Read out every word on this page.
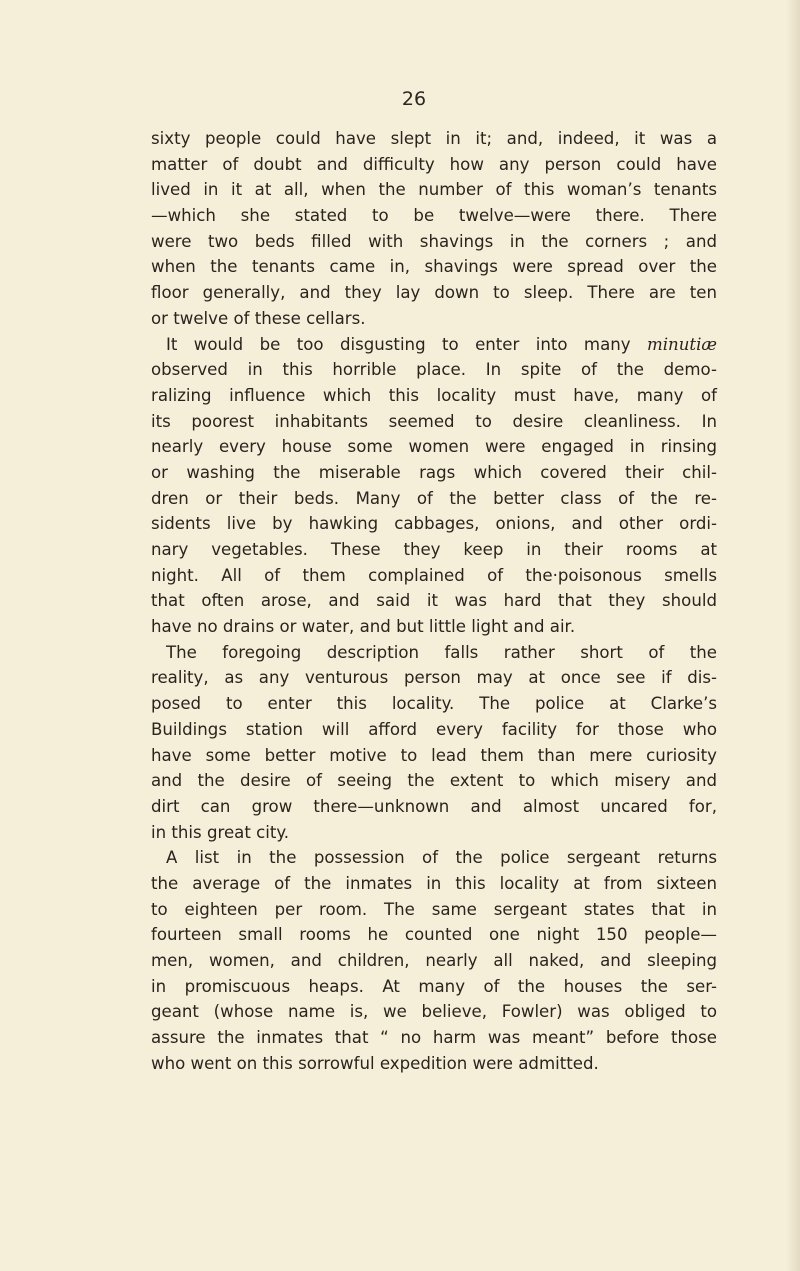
26
sixty people could have slept in it; and, indeed, it was a
matter of doubt and difficulty how any person could have
lived in it at all, when the number of this woman’s tenants
—which she stated to be twelve—were there. There
were two beds filled with shavings in the corners ; and
when the tenants came in, shavings were spread over the
floor generally, and they lay down to sleep. There are ten
or twelve of these cellars.
It would be too disgusting to enter into many minutiæ
observed in this horrible place. In spite of the demo-
ralizing influence which this locality must have, many of
its poorest inhabitants seemed to desire cleanliness. In
nearly every house some women were engaged in rinsing
or washing the miserable rags which covered their chil-
dren or their beds. Many of the better class of the re-
sidents live by hawking cabbages, onions, and other ordi-
nary vegetables. These they keep in their rooms at
night. All of them complained of the·poisonous smells
that often arose, and said it was hard that they should
have no drains or water, and but little light and air.
The foregoing description falls rather short of the
reality, as any venturous person may at once see if dis-
posed to enter this locality. The police at Clarke’s
Buildings station will afford every facility for those who
have some better motive to lead them than mere curiosity
and the desire of seeing the extent to which misery and
dirt can grow there—unknown and almost uncared for,
in this great city.
A list in the possession of the police sergeant returns
the average of the inmates in this locality at from sixteen
to eighteen per room. The same sergeant states that in
fourteen small rooms he counted one night 150 people—
men, women, and children, nearly all naked, and sleeping
in promiscuous heaps. At many of the houses the ser-
geant (whose name is, we believe, Fowler) was obliged to
assure the inmates that “ no harm was meant” before those
who went on this sorrowful expedition were admitted.
